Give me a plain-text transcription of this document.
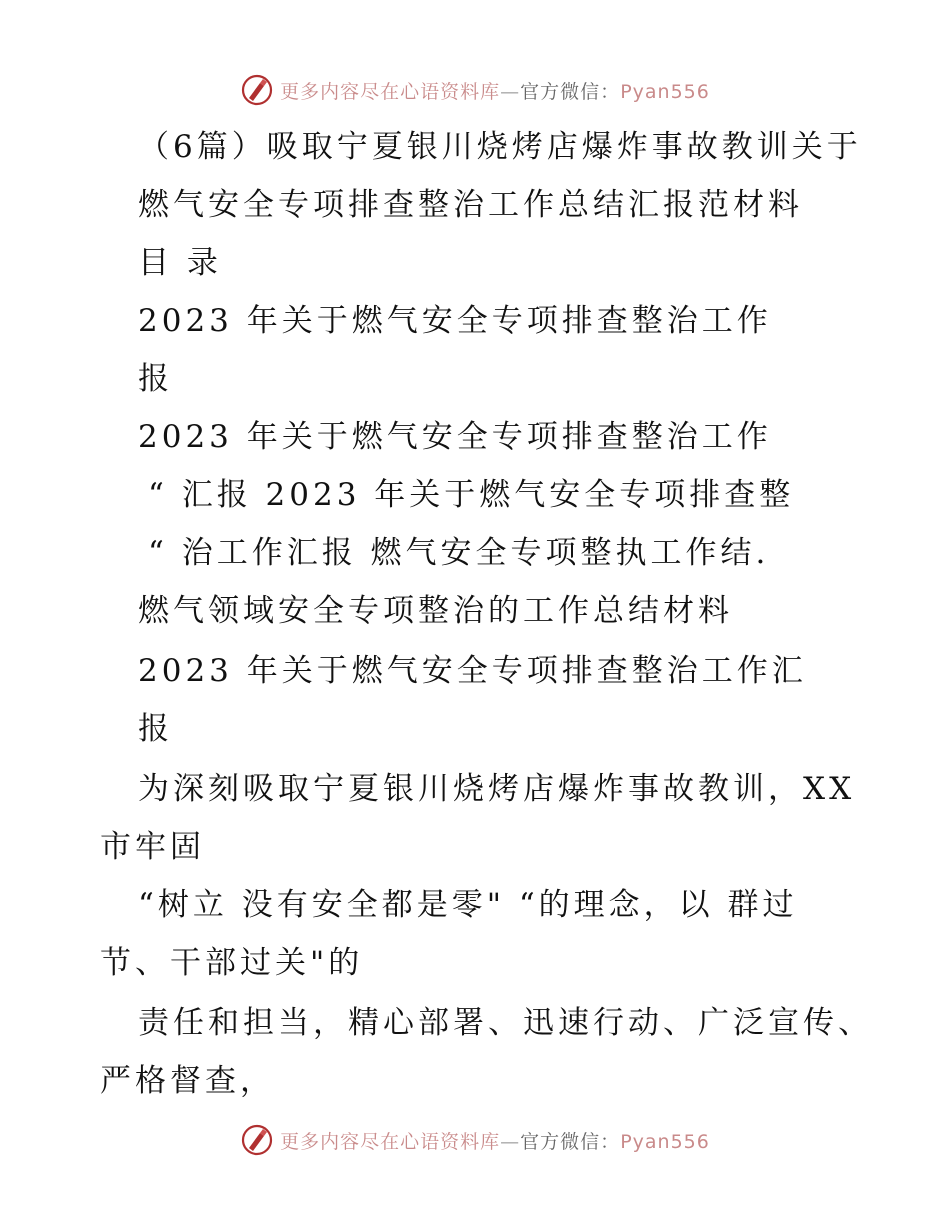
更多内容尽在心语资料库—官方微信：Pyan556
（6篇）吸取宁夏银川烧烤店爆炸事故教训关于
燃气安全专项排查整治工作总结汇报范材料
目 录
2023 年关于燃气安全专项排查整治工作
报
2023 年关于燃气安全专项排查整治工作
“ 汇报 2023 年关于燃气安全专项排查整
“ 治工作汇报 燃气安全专项整执工作结.
燃气领域安全专项整治的工作总结材料
2023 年关于燃气安全专项排查整治工作汇
报
为深刻吸取宁夏银川烧烤店爆炸事故教训，XX
市牢固
“树立 没有安全都是零" “的理念，以 群过
节、干部过关"的
责任和担当，精心部署、迅速行动、广泛宣传、
严格督查，
更多内容尽在心语资料库—官方微信：Pyan556
